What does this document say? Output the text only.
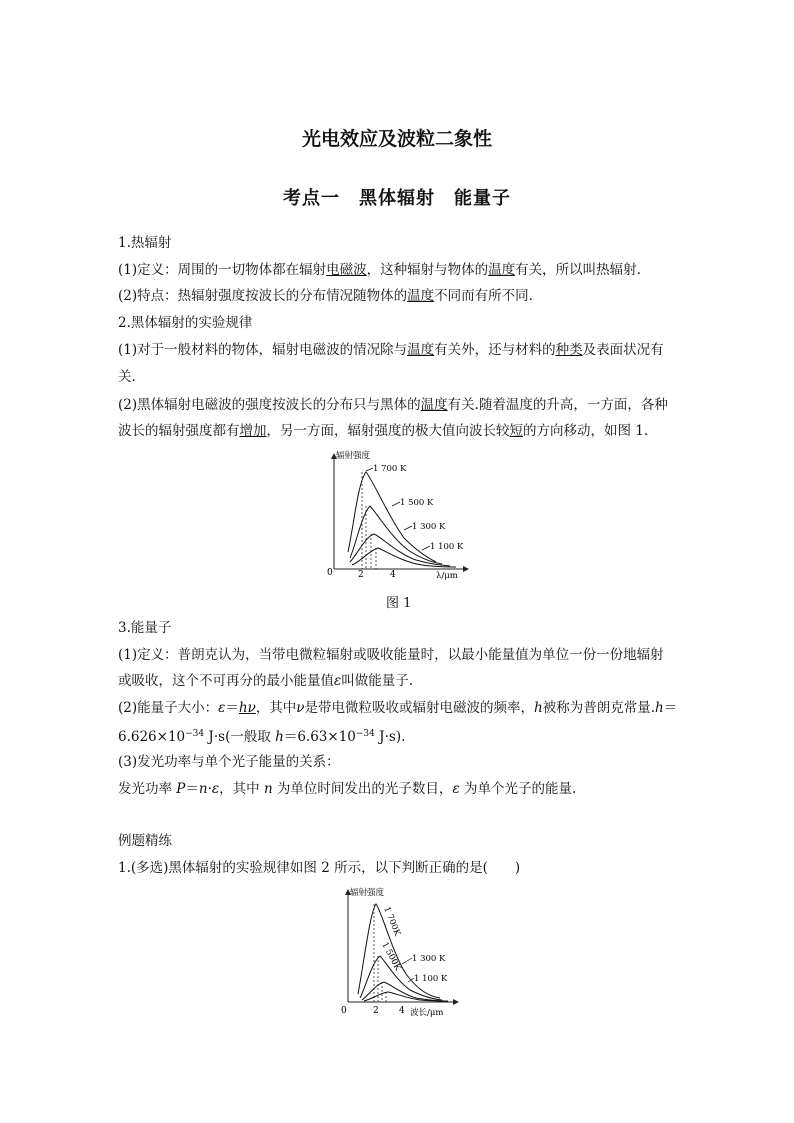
光电效应及波粒二象性
考点一　黑体辐射　能量子
1.热辐射
(1)定义：周围的一切物体都在辐射电磁波，这种辐射与物体的温度有关，所以叫热辐射.
(2)特点：热辐射强度按波长的分布情况随物体的温度不同而有所不同.
2.黑体辐射的实验规律
(1)对于一般材料的物体，辐射电磁波的情况除与温度有关外，还与材料的种类及表面状况有
关.
(2)黑体辐射电磁波的强度按波长的分布只与黑体的温度有关.随着温度的升高，一方面，各种
波长的辐射强度都有增加，另一方面，辐射强度的极大值向波长较短的方向移动，如图 1.
辐射强度
λ/μm
0	2	4
1 700 K
1 500 K
1 300 K
1 100 K
图 1
3.能量子
(1)定义：普朗克认为，当带电微粒辐射或吸收能量时，以最小能量值为单位一份一份地辐射
或吸收，这个不可再分的最小能量值ε叫做能量子.
(2)能量子大小：ε＝hν，其中ν是带电微粒吸收或辐射电磁波的频率，h被称为普朗克常量.h＝
$6.626\times 10^{-34}$ J·s(一般取 $h=6.63\times 10^{-34}$ J·s).
(3)发光功率与单个光子能量的关系：
发光功率 P＝n·ε，其中 n 为单位时间发出的光子数目，ε 为单个光子的能量.
例题精练
1.(多选)黑体辐射的实验规律如图 2 所示，以下判断正确的是(　　)
辐射强度
波长/μm
0	2 4
1 700K
1 500K 1 300 K
1 100 K
